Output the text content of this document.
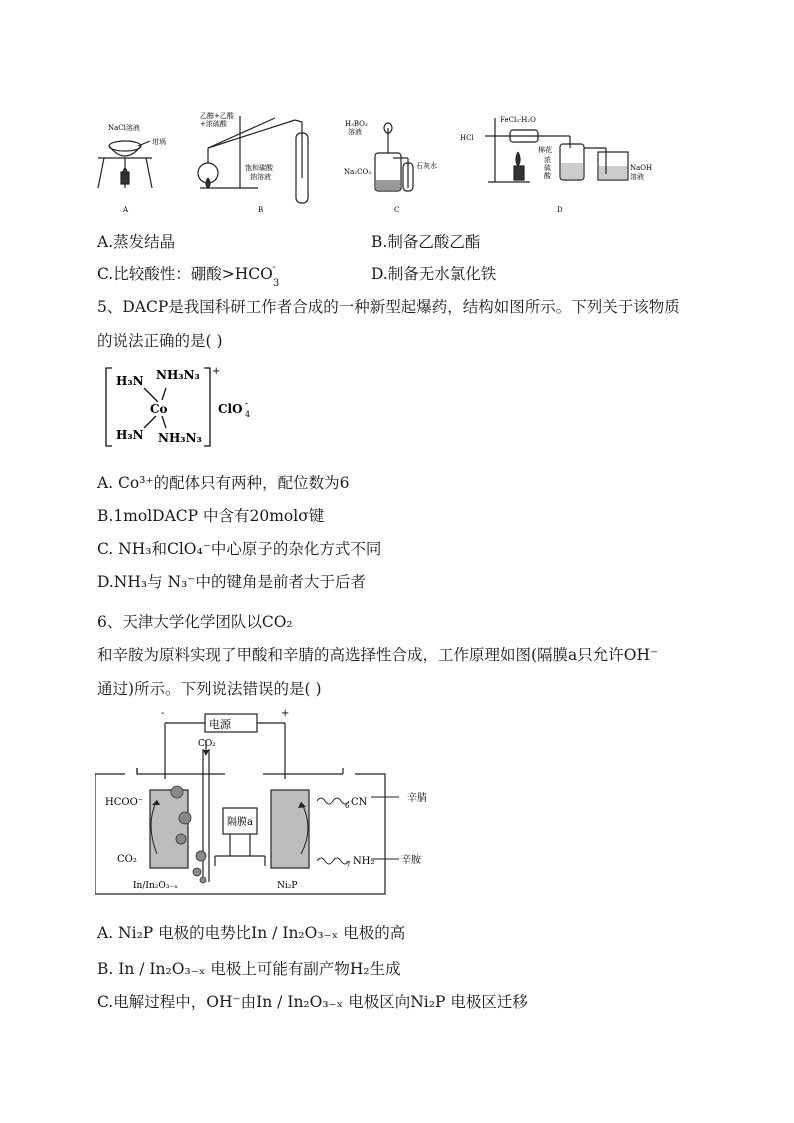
NaCl溶液
坩埚
A
乙醇+乙酸
+浓硫酸
饱和碳酸
钠溶液
B
H₃BO₃
溶液
Na₂CO₃
石灰水
C
HCl
FeCl₃·H₂O
棉花
浓
硫
酸
NaOH
溶液
D
A.蒸发结晶	B.制备乙酸乙酯
C.比较酸性：硼酸$>HCO_3^-$	D.制备无水氯化铁
5、DACP是我国科研工作者合成的一种新型起爆药，结构如图所示。下列关于该物质
的说法正确的是( )
H₃N NH₃N₃
Co
H₃N NH₃N₃
+
ClO 4
-
A. Co³⁺的配体只有两种，配位数为6
B.1molDACP 中含有20molσ键
C. NH₃和ClO₄⁻中心原子的杂化方式不同
D.NH₃与 N₃⁻中的键角是前者大于后者
6、天津大学化学团队以CO₂
和辛胺为原料实现了甲酸和辛腈的高选择性合成，工作原理如图(隔膜a只允许OH⁻
通过)所示。下列说法错误的是( )
电源
-	+
CO₂
HCOO⁻
CO₂
隔膜a
In/In₂O₃₋ₓ	Ni₂P
CN
6
NH₂
7
辛腈
辛胺
A. Ni₂P 电极的电势比In / In₂O₃₋ₓ 电极的高
B. In / In₂O₃₋ₓ 电极上可能有副产物H₂生成
C.电解过程中，OH⁻由In / In₂O₃₋ₓ 电极区向Ni₂P 电极区迁移
